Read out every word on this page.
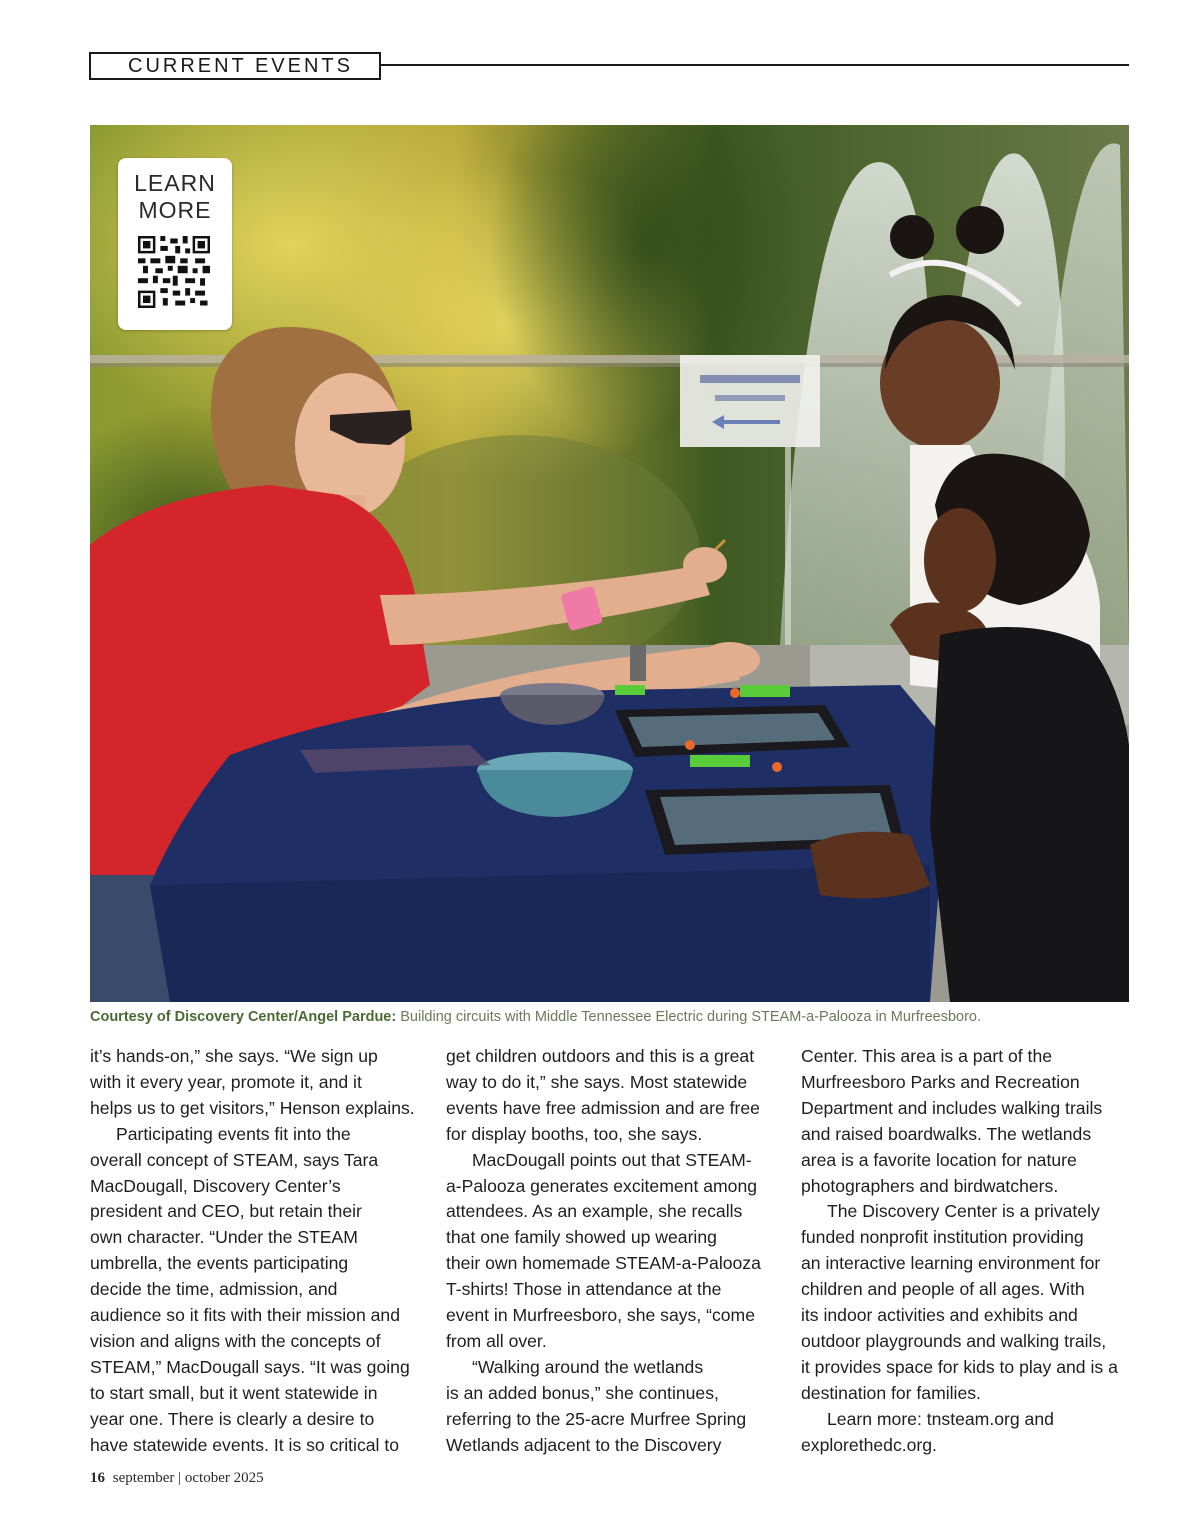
CURRENT EVENTS
LEARN
MORE
Courtesy of Discovery Center/Angel Pardue: Building circuits with Middle Tennessee Electric during STEAM-a-Palooza in Murfreesboro.

it’s hands-on,” she says. “We sign up

with it every year, promote it, and it

helps us to get visitors,” Henson explains.

Participating events fit into the

overall concept of STEAM, says Tara

MacDougall, Discovery Center’s

president and CEO, but retain their

own character. “Under the STEAM

umbrella, the events participating

decide the time, admission, and

audience so it fits with their mission and

vision and aligns with the concepts of

STEAM,” MacDougall says. “It was going

to start small, but it went statewide in

year one. There is clearly a desire to

have statewide events. It is so critical to

get children outdoors and this is a great

way to do it,” she says. Most statewide

events have free admission and are free

for display booths, too, she says.

MacDougall points out that STEAM-

a-Palooza generates excitement among

attendees. As an example, she recalls

that one family showed up wearing

their own homemade STEAM-a-Palooza

T-shirts! Those in attendance at the

event in Murfreesboro, she says, “come

from all over.

“Walking around the wetlands

is an added bonus,” she continues,

referring to the 25-acre Murfree Spring

Wetlands adjacent to the Discovery

Center. This area is a part of the

Murfreesboro Parks and Recreation

Department and includes walking trails

and raised boardwalks. The wetlands

area is a favorite location for nature

photographers and birdwatchers.

The Discovery Center is a privately

funded nonprofit institution providing

an interactive learning environment for

children and people of all ages. With

its indoor activities and exhibits and

outdoor playgrounds and walking trails,

it provides space for kids to play and is a

destination for families.

Learn more: tnsteam.org and

explorethedc.org.

16 september | october 2025
